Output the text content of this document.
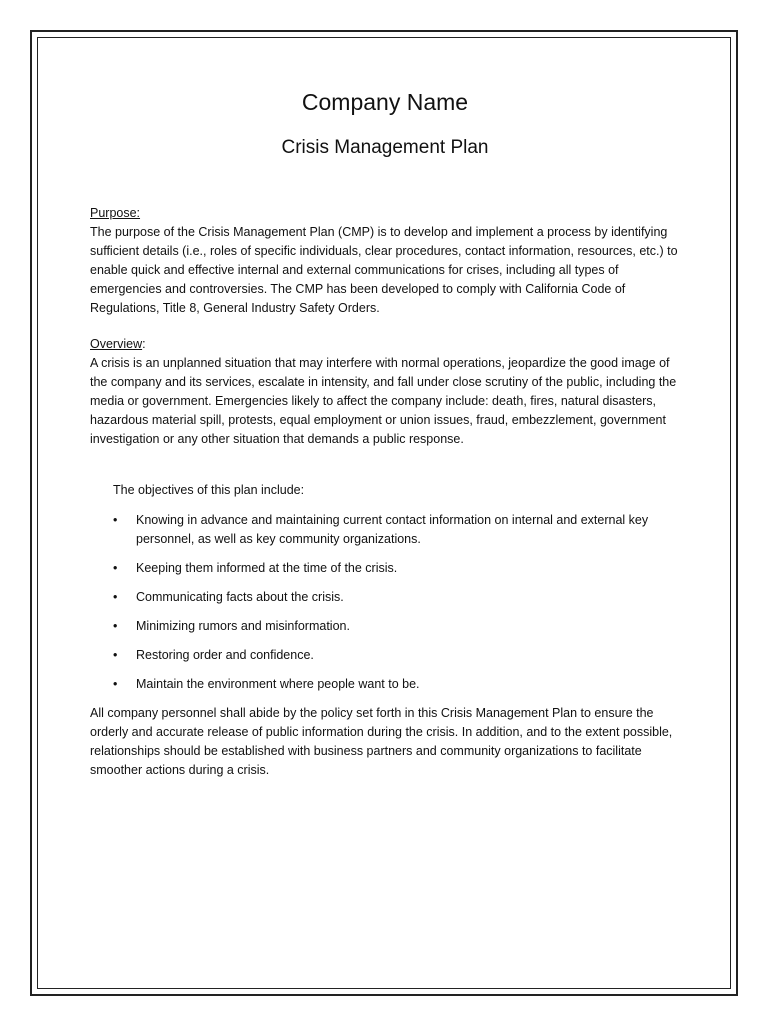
Company Name
Crisis Management Plan
Purpose:

The purpose of the Crisis Management Plan (CMP) is to develop and implement a process by identifying sufficient details (i.e., roles of specific individuals, clear procedures, contact information, resources, etc.) to enable quick and effective internal and external communications for crises, including all types of emergencies and controversies. The CMP has been developed to comply with California Code of Regulations, Title 8, General Industry Safety Orders.

Overview:

A crisis is an unplanned situation that may interfere with normal operations, jeopardize the good image of the company and its services, escalate in intensity, and fall under close scrutiny of the public, including the media or government. Emergencies likely to affect the company include: death, fires, natural disasters, hazardous material spill, protests, equal employment or union issues, fraud, embezzlement, government investigation or any other situation that demands a public response.

The objectives of this plan include:

• Knowing in advance and maintaining current contact information on internal and external key personnel, as well as key community organizations.
• Keeping them informed at the time of the crisis.
• Communicating facts about the crisis.
• Minimizing rumors and misinformation.
• Restoring order and confidence.
• Maintain the environment where people want to be.

All company personnel shall abide by the policy set forth in this Crisis Management Plan to ensure the orderly and accurate release of public information during the crisis. In addition, and to the extent possible, relationships should be established with business partners and community organizations to facilitate smoother actions during a crisis.
